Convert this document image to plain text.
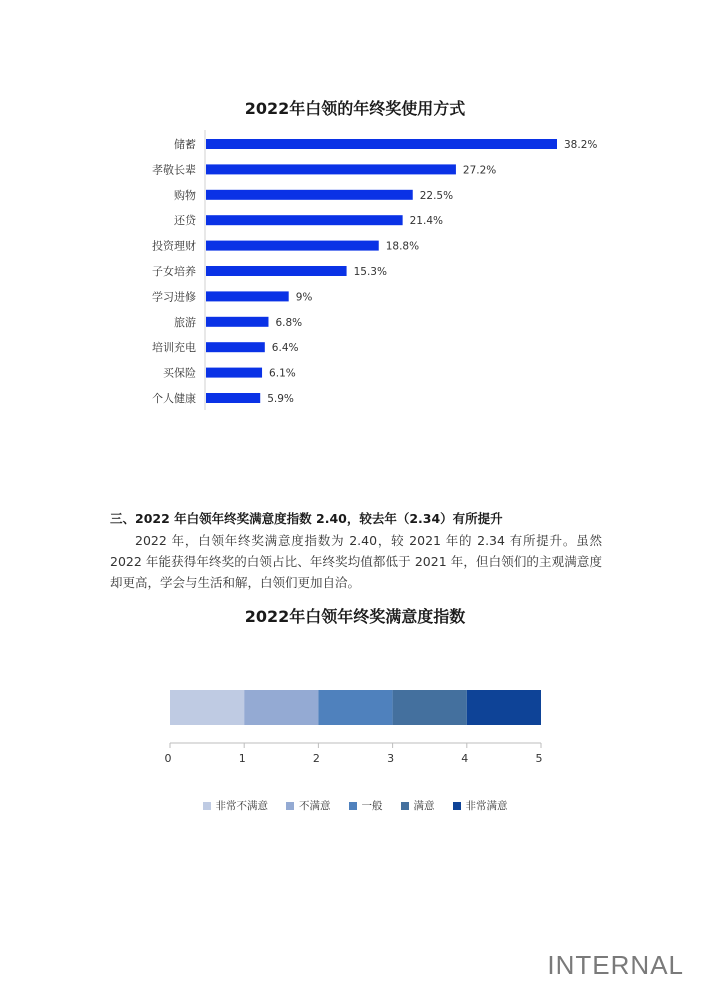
2022年白领的年终奖使用方式
储蓄	38.2%
孝敬长辈	27.2%
购物	22.5%
还贷	21.4%
投资理财	18.8%
子女培养	15.3%
学习进修	9%
旅游	6.8%
培训充电	6.4%
买保险	6.1%
个人健康	5.9%
三、2022 年白领年终奖满意度指数 2.40，较去年（2.34）有所提升

2022 年，白领年终奖满意度指数为 2.40，较 2021 年的 2.34 有所提升。虽然 2022 年能获得年终奖的白领占比、年终奖均值都低于 2021 年，但白领们的主观满意度却更高，学会与生活和解，白领们更加自洽。

2022年白领年终奖满意度指数
0	1	2	3	4	5
非常不满意	不满意	一般	满意	非常满意
INTERNAL
